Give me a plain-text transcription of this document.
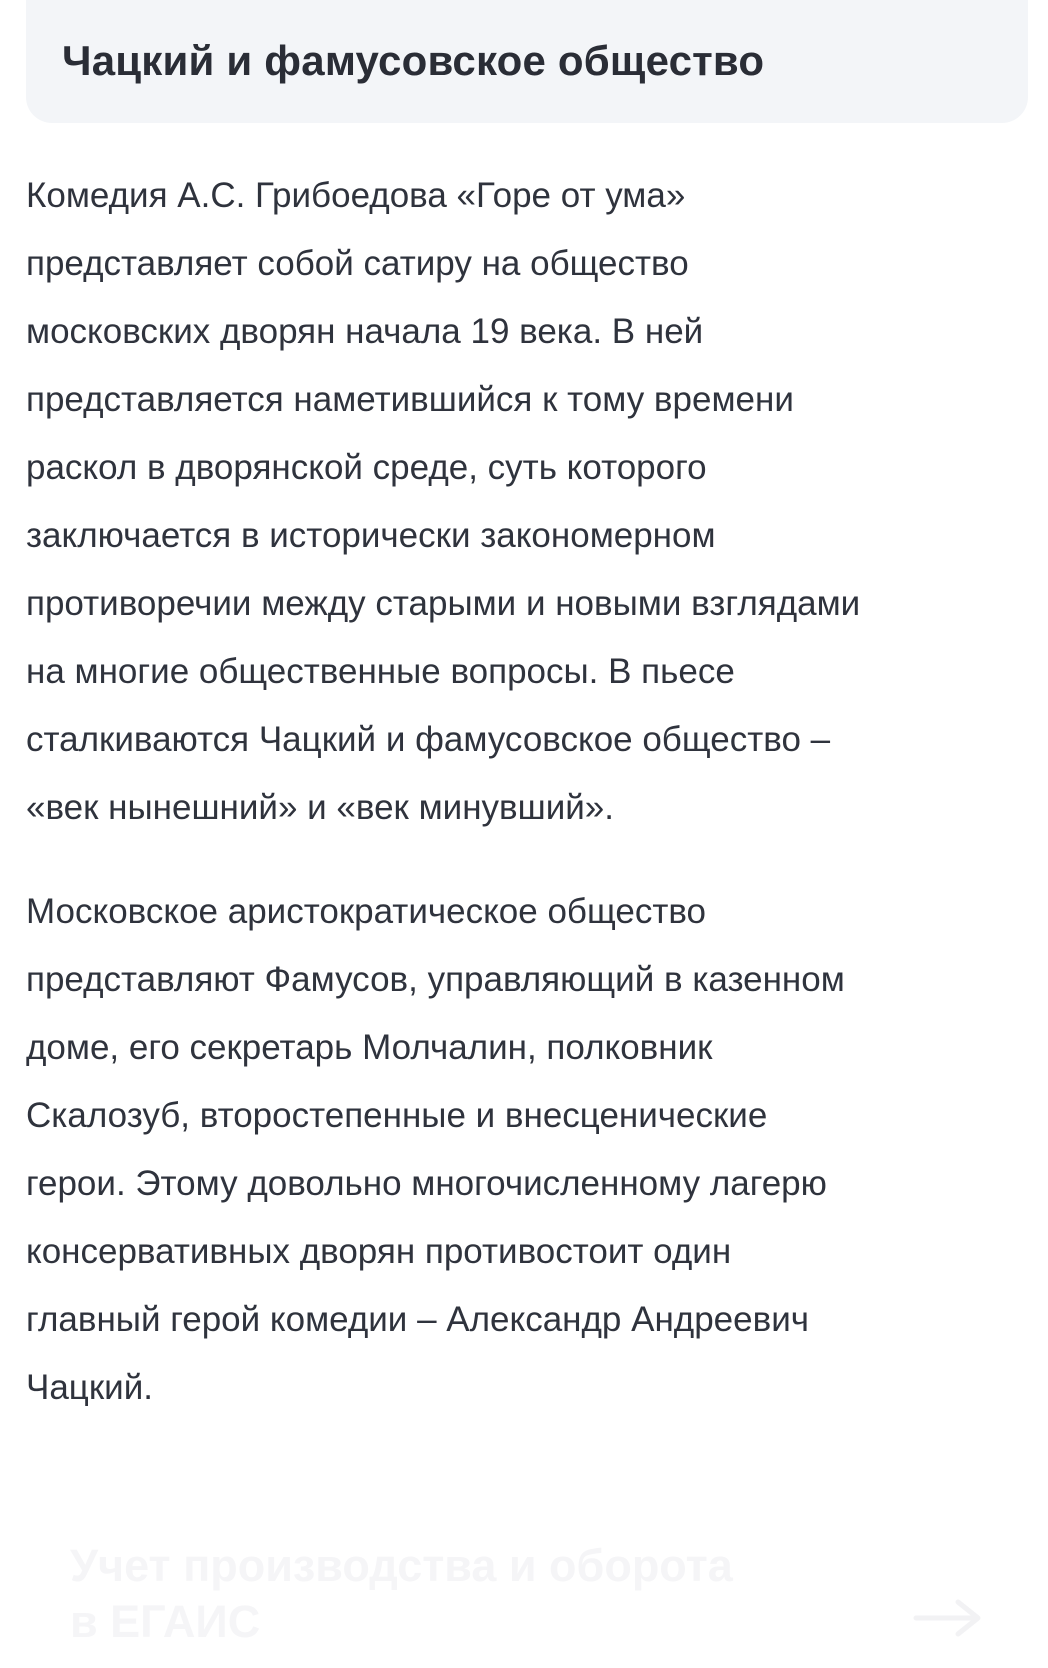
Чацкий и фамусовское общество

Комедия А.С. Грибоедова «Горе от ума»
представляет собой сатиру на общество
московских дворян начала 19 века. В ней
представляется наметившийся к тому времени
раскол в дворянской среде, суть которого
заключается в исторически закономерном
противоречии между старыми и новыми взглядами
на многие общественные вопросы. В пьесе
сталкиваются Чацкий и фамусовское общество –
«век нынешний» и «век минувший».

Московское аристократическое общество
представляют Фамусов, управляющий в казенном
доме, его секретарь Молчалин, полковник
Скалозуб, второстепенные и внесценические
герои. Этому довольно многочисленному лагерю
консервативных дворян противостоит один
главный герой комедии – Александр Андреевич
Чацкий.

Учет производства и оборота
в ЕГАИС
